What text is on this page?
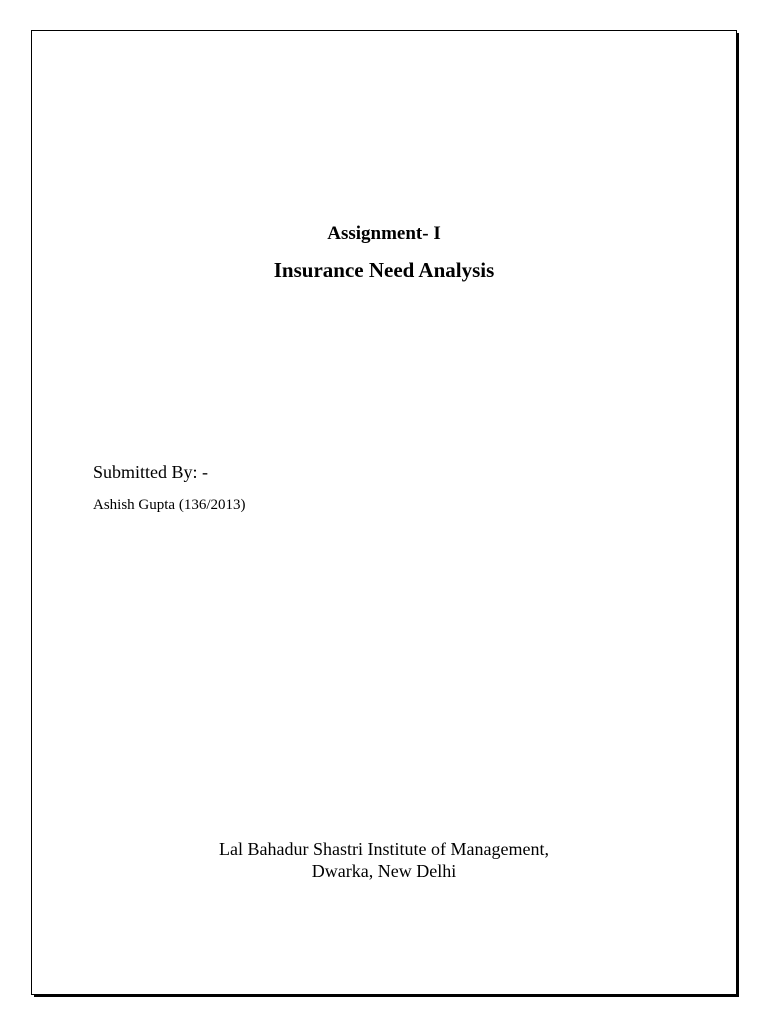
Assignment- I
Insurance Need Analysis
Submitted By: -
Ashish Gupta (136/2013)
Lal Bahadur Shastri Institute of Management,
Dwarka, New Delhi
